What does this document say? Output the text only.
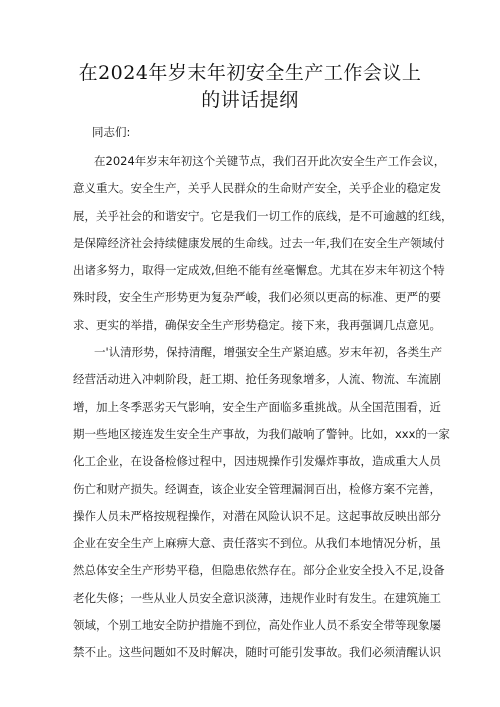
在2024年岁末年初安全生产工作会议上
的讲话提纲
同志们:
在2024年岁末年初这个关键节点，我们召开此次安全生产工作会议，
意义重大。安全生产，关乎人民群众的生命财产安全，关乎企业的稳定发
展，关乎社会的和谐安宁。它是我们一切工作的底线，是不可逾越的红线，
是保障经济社会持续健康发展的生命线。过去一年,我们在安全生产领域付
出诸多努力，取得一定成效,但绝不能有丝毫懈怠。尤其在岁末年初这个特
殊时段，安全生产形势更为复杂严峻，我们必须以更高的标准、更严的要
求、更实的举措，确保安全生产形势稳定。接下来，我再强调几点意见。
一'认清形势，保持清醒，增强安全生产紧迫感。岁末年初，各类生产
经营活动进入冲刺阶段，赶工期、抢任务现象增多，人流、物流、车流剧
增，加上冬季恶劣天气影响，安全生产面临多重挑战。从全国范围看，近
期一些地区接连发生安全生产事故，为我们敲响了警钟。比如，xxx的一家
化工企业，在设备检修过程中，因违规操作引发爆炸事故，造成重大人员
伤亡和财产损失。经调查，该企业安全管理漏洞百出，检修方案不完善，
操作人员未严格按规程操作，对潜在风险认识不足。这起事故反映出部分
企业在安全生产上麻痹大意、责任落实不到位。从我们本地情况分析，虽
然总体安全生产形势平稳，但隐患依然存在。部分企业安全投入不足,设备
老化失修；一些从业人员安全意识淡薄，违规作业时有发生。在建筑施工
领域，个别工地安全防护措施不到位，高处作业人员不系安全带等现象屡
禁不止。这些问题如不及时解决，随时可能引发事故。我们必须清醒认识
